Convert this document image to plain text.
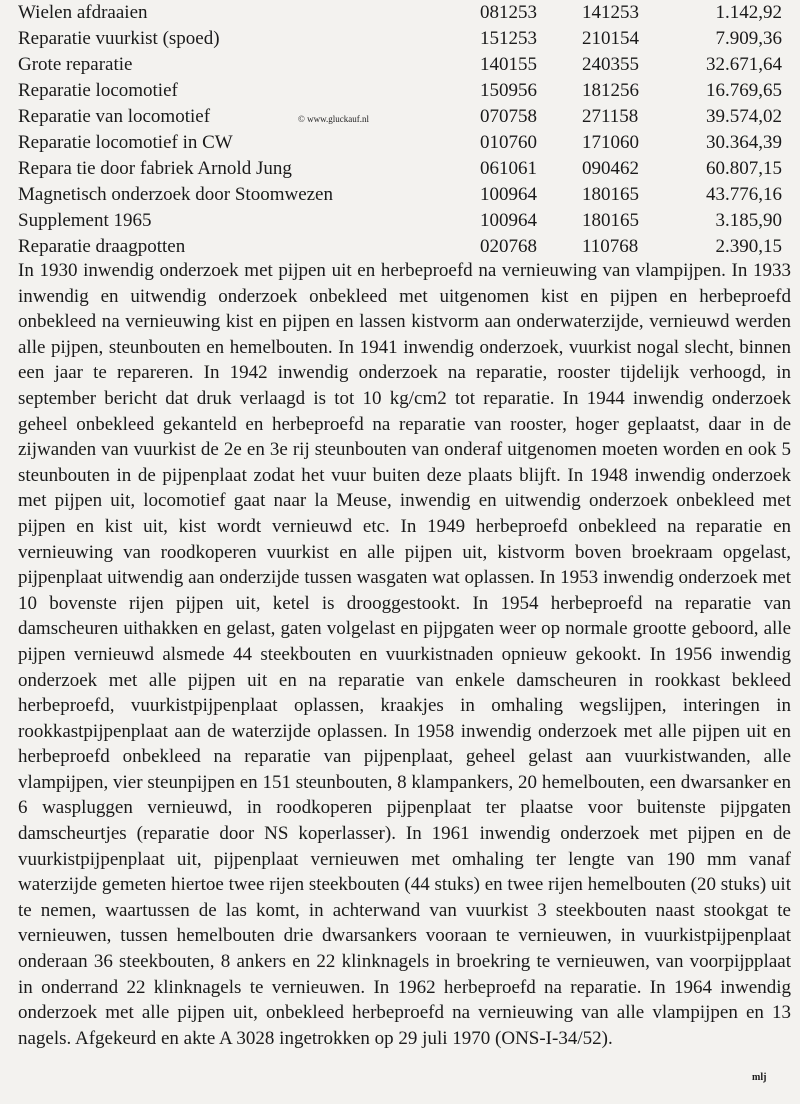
Wielen afdraaien	081253	141253	1.142,92
Reparatie vuurkist (spoed)	151253	210154	7.909,36
Grote reparatie	140155	240355	32.671,64
Reparatie locomotief	150956	181256	16.769,65
Reparatie van locomotief	070758	271158	39.574,02
Reparatie locomotief in CW	010760	171060	30.364,39
Repara tie door fabriek Arnold Jung	061061	090462	60.807,15
Magnetisch onderzoek door Stoomwezen	100964	180165	43.776,16
Supplement 1965	100964	180165	3.185,90
Reparatie draagpotten	020768	110768	2.390,15
© www.gluckauf.nl

In 1930 inwendig onderzoek met pijpen uit en herbeproefd na vernieuwing van vlampijpen. In 1933 inwendig en uitwendig onderzoek onbekleed met uitgenomen kist en pijpen en herbeproefd onbekleed na vernieuwing kist en pijpen en lassen kistvorm aan onderwaterzijde, vernieuwd werden alle pijpen, steunbouten en hemelbouten. In 1941 inwendig onderzoek, vuurkist nogal slecht, binnen een jaar te repareren. In 1942 inwendig onderzoek na reparatie, rooster tijdelijk verhoogd, in september bericht dat druk verlaagd is tot 10 kg/cm2 tot reparatie. In 1944 inwendig onderzoek geheel onbekleed gekanteld en herbeproefd na reparatie van rooster, hoger geplaatst, daar in de zijwanden van vuurkist de 2e en 3e rij steunbouten van onderaf uitgenomen moeten worden en ook 5 steunbouten in de pijpenplaat zodat het vuur buiten deze plaats blijft. In 1948 inwendig onderzoek met pijpen uit, locomotief gaat naar la Meuse, inwendig en uitwendig onderzoek onbekleed met pijpen en kist uit, kist wordt vernieuwd etc. In 1949 herbeproefd onbekleed na reparatie en vernieuwing van roodkoperen vuurkist en alle pijpen uit, kistvorm boven broekraam opgelast, pijpenplaat uitwendig aan onderzijde tussen wasgaten wat oplassen. In 1953 inwendig onderzoek met 10 bovenste rijen pijpen uit, ketel is drooggestookt. In 1954 herbeproefd na reparatie van damscheuren uithakken en gelast, gaten volgelast en pijpgaten weer op normale grootte geboord, alle pijpen vernieuwd alsmede 44 steekbouten en vuurkistnaden opnieuw gekookt. In 1956 inwendig onderzoek met alle pijpen uit en na reparatie van enkele damscheuren in rookkast bekleed herbeproefd, vuurkistpijpenplaat oplassen, kraakjes in omhaling wegslijpen, interingen in rookkastpijpenplaat aan de waterzijde oplassen. In 1958 inwendig onderzoek met alle pijpen uit en herbeproefd onbekleed na reparatie van pijpenplaat, geheel gelast aan vuurkistwanden, alle vlampijpen, vier steunpijpen en 151 steunbouten, 8 klampankers, 20 hemelbouten, een dwarsanker en 6 waspluggen vernieuwd, in roodkoperen pijpenplaat ter plaatse voor buitenste pijpgaten damscheurtjes (reparatie door NS koperlasser). In 1961 inwendig onderzoek met pijpen en de vuurkistpijpenplaat uit, pijpenplaat vernieuwen met omhaling ter lengte van 190 mm vanaf waterzijde gemeten hiertoe twee rijen steekbouten (44 stuks) en twee rijen hemelbouten (20 stuks) uit te nemen, waartussen de las komt, in achterwand van vuurkist 3 steekbouten naast stookgat te vernieuwen, tussen hemelbouten drie dwarsankers vooraan te vernieuwen, in vuurkistpijpenplaat onderaan 36 steekbouten, 8 ankers en 22 klinknagels in broekring te vernieuwen, van voorpijpplaat in onderrand 22 klinknagels te vernieuwen. In 1962 herbeproefd na reparatie. In 1964 inwendig onderzoek met alle pijpen uit, onbekleed herbeproefd na vernieuwing van alle vlampijpen en 13 nagels. Afgekeurd en akte A 3028 ingetrokken op 29 juli 1970 (ONS-I-34/52).

mlj
